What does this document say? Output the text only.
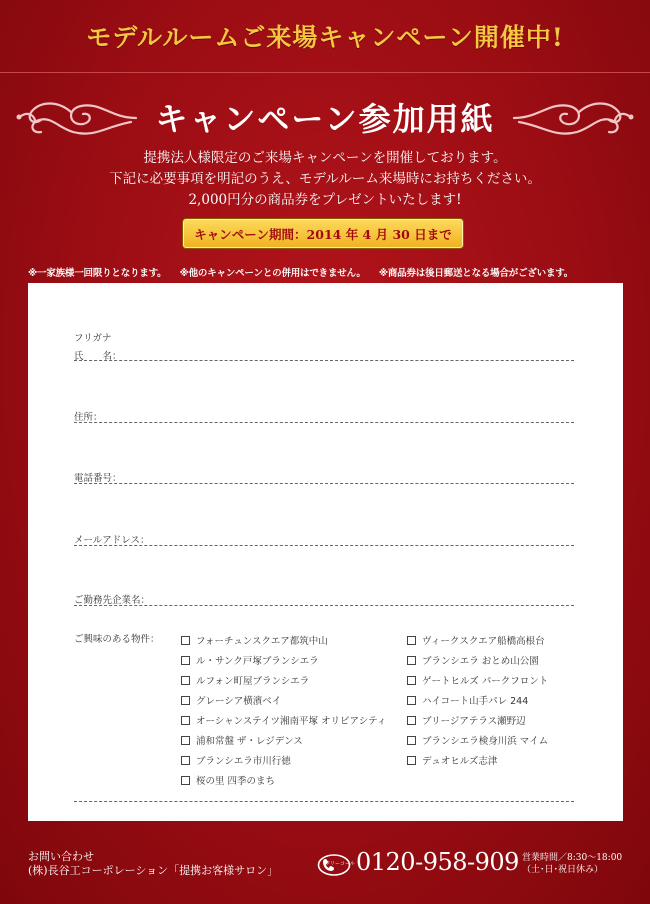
モデルルームご来場キャンペーン開催中!
キャンペーン参加用紙
提携法人様限定のご来場キャンペーンを開催しております。
下記に必要事項を明記のうえ、モデルルーム来場時にお持ちください。
2,000円分の商品券をプレゼントいたします!
キャンペーン期間：2014 年 4 月 30 日まで
※一家族様一回限りとなります。 ※他のキャンペーンとの併用はできません。 ※商品券は後日郵送となる場合がございます。
フリガナ
氏　　名：
住所：
電話番号：
メールアドレス：
ご勤務先企業名：
ご興味のある物件：	フォーチュンスクエア都筑中山
ル・サンク戸塚ブランシエラ
ルフォン町屋ブランシエラ
グレーシア横濱ベイ
オーシャンステイツ湘南平塚 オリビアシティ
浦和常盤 ザ・レジデンス
ブランシエラ市川行徳
桜の里 四季のまち
ヴィークスクエア船橋高根台
ブランシエラ おとめ山公園
ゲートヒルズ パークフロント
ハイコート山手パレ 244
ブリージアテラス瀬野辺
ブランシエラ検身川浜 マイム
デュオヒルズ志津
お問い合わせ
(株)長谷工コーポレーション「提携お客様サロン」	フリーコール 0120-958-909 営業時間／8:30～18:00
（土･日･祝日休み）
